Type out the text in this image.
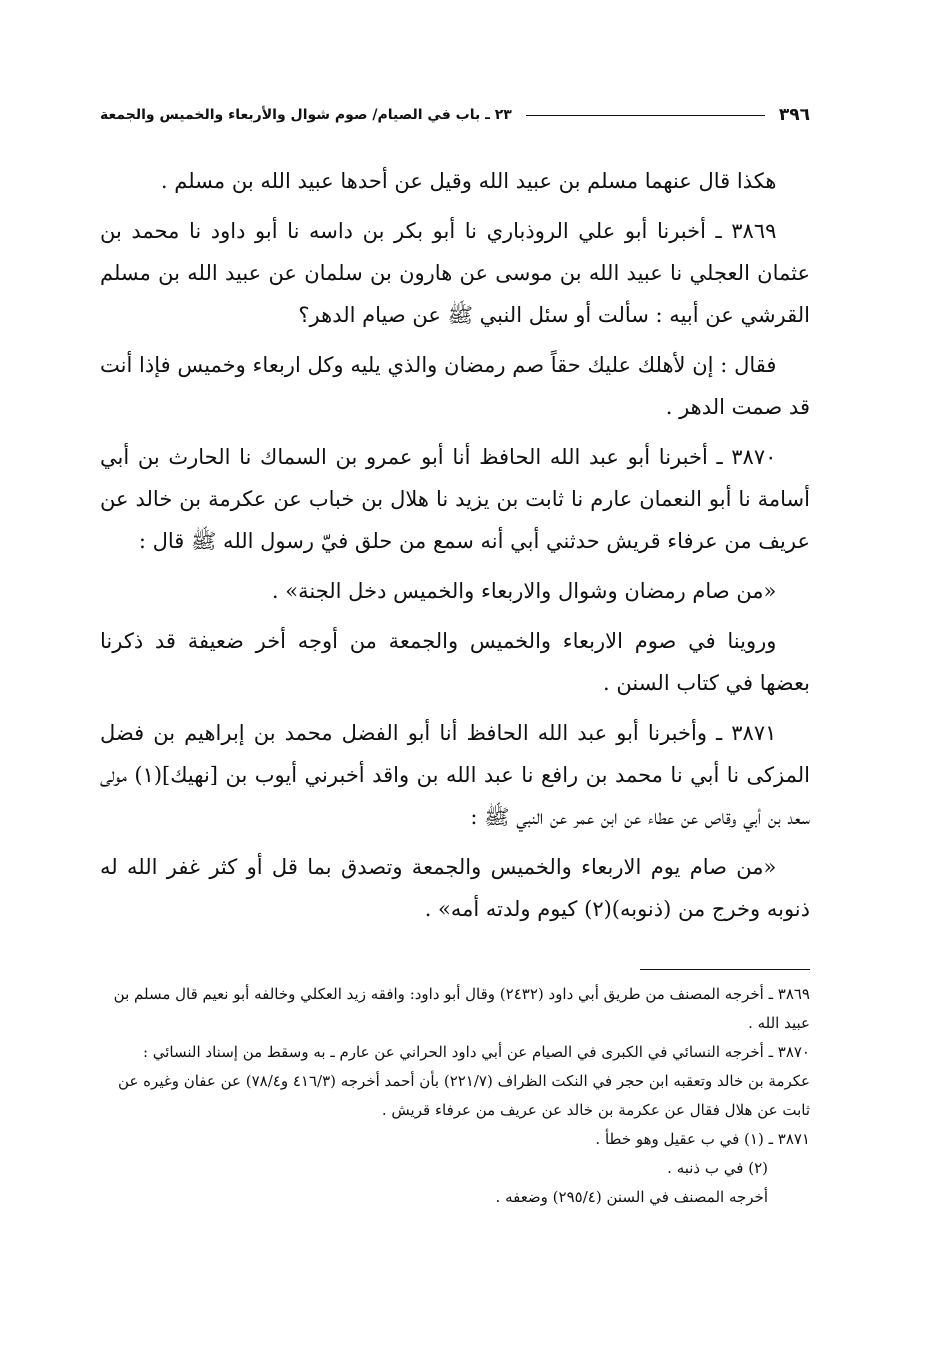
٣٩٦
٢٣ ـ باب في الصيام/ صوم شوال والأربعاء والخميس والجمعة

هكذا قال عنهما مسلم بن عبيد الله وقيل عن أحدها عبيد الله بن مسلم .

٣٨٦٩ ـ أخبرنا أبو علي الروذباري نا أبو بكر بن داسه نا أبو داود نا محمد بن عثمان العجلي نا عبيد الله بن موسى عن هارون بن سلمان عن عبيد الله بن مسلم القرشي عن أبيه : سألت أو سئل النبي ﷺ عن صيام الدهر؟

فقال : إن لأهلك عليك حقاً صم رمضان والذي يليه وكل اربعاء وخميس فإذا أنت قد صمت الدهر .

٣٨٧٠ ـ أخبرنا أبو عبد الله الحافظ أنا أبو عمرو بن السماك نا الحارث بن أبي أسامة نا أبو النعمان عارم نا ثابت بن يزيد نا هلال بن خباب عن عكرمة بن خالد عن عريف من عرفاء قريش حدثني أبي أنه سمع من حلق فيّ رسول الله ﷺ قال :

«من صام رمضان وشوال والاربعاء والخميس دخل الجنة» .

وروينا في صوم الاربعاء والخميس والجمعة من أوجه أخر ضعيفة قد ذكرنا بعضها في كتاب السنن .

٣٨٧١ ـ وأخبرنا أبو عبد الله الحافظ أنا أبو الفضل محمد بن إبراهيم بن فضل المزكى نا أبي نا محمد بن رافع نا عبد الله بن واقد أخبرني أيوب بن [نهيك](١) مولى سعد بن أبي وقاص عن عطاء عن ابن عمر عن النبي ﷺ :

«من صام يوم الاربعاء والخميس والجمعة وتصدق بما قل أو كثر غفر الله له ذنوبه وخرج من (ذنوبه)(٢) كيوم ولدته أمه» .

٣٨٦٩ ـ أخرجه المصنف من طريق أبي داود (٢٤٣٢) وقال أبو داود: وافقه زيد العكلي وخالفه أبو نعيم قال مسلم بن عبيد الله .

٣٨٧٠ ـ أخرجه النسائي في الكبرى في الصيام عن أبي داود الحراني عن عارم ـ به وسقط من إسناد النسائي : عكرمة بن خالد وتعقبه ابن حجر في النكت الظراف (٢٢١/٧) بأن أحمد أخرجه (٤١٦/٣ و٧٨/٤) عن عفان وغيره عن ثابت عن هلال فقال عن عكرمة بن خالد عن عريف من عرفاء قريش .

٣٨٧١ ـ (١) في ب عقيل وهو خطأ .

(٢) في ب ذنبه .

أخرجه المصنف في السنن (٢٩٥/٤) وضعفه .
